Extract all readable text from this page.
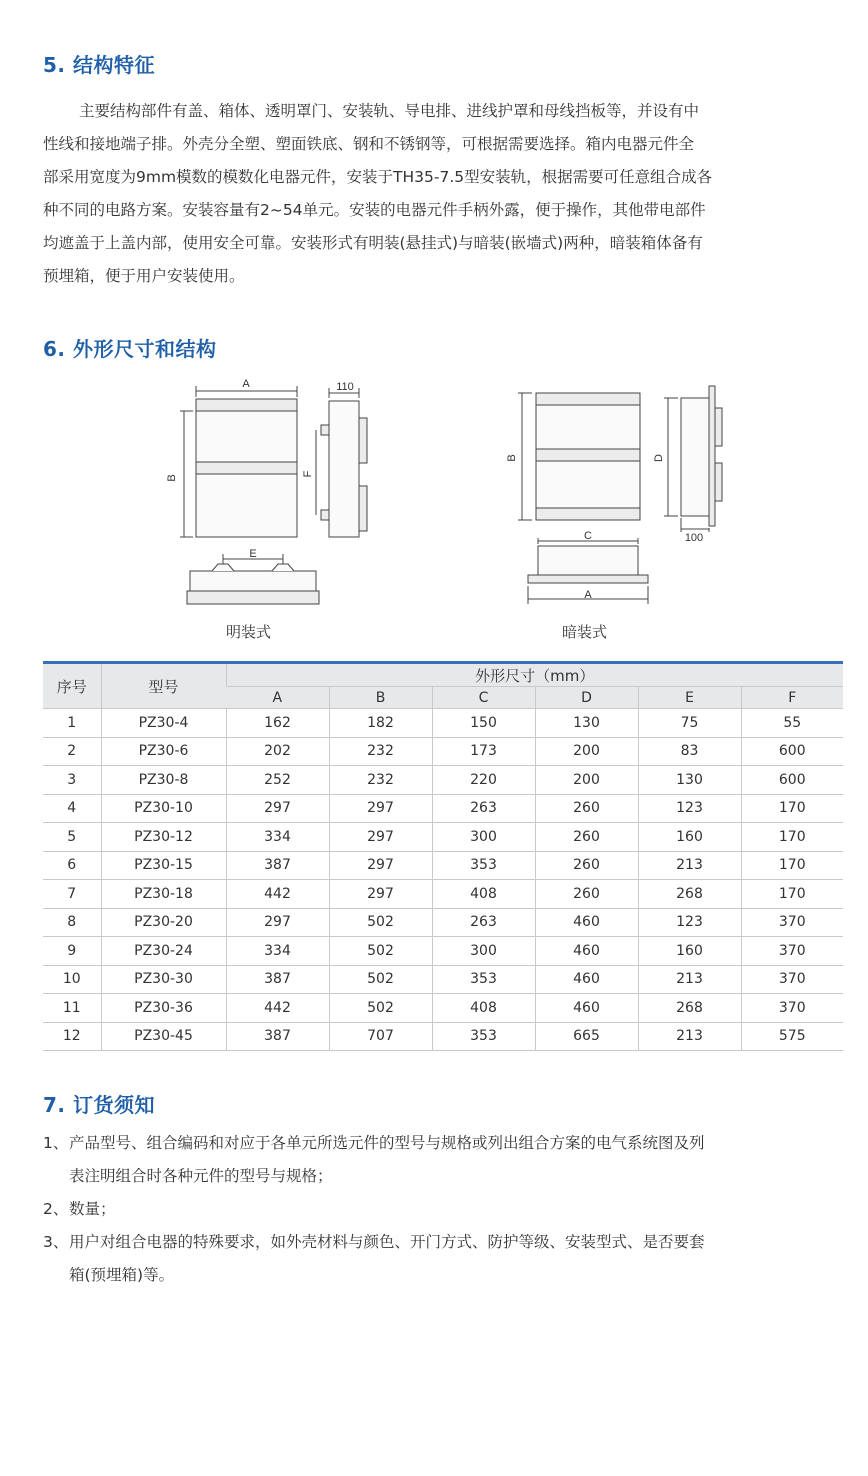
5. 结构特征
主要结构部件有盖、箱体、透明罩门、安装轨、导电排、进线护罩和母线挡板等，并设有中
性线和接地端子排。外壳分全塑、塑面铁底、钢和不锈钢等，可根据需要选择。箱内电器元件全
部采用宽度为9mm模数的模数化电器元件，安装于TH35-7.5型安装轨，根据需要可任意组合成各
种不同的电路方案。安装容量有2~54单元。安装的电器元件手柄外露，便于操作，其他带电部件
均遮盖于上盖内部，使用安全可靠。安装形式有明装(悬挂式)与暗装(嵌墙式)两种，暗装箱体备有
预埋箱，便于用户安装使用。
6. 外形尺寸和结构
A
B
110
F
E
B	D
100
C
A
明装式	暗装式
序号	型号	外形尺寸（mm）					
		A	B	C	D	E	F
1	PZ30-4	162	182	150	130	75	55
2	PZ30-6	202	232	173	200	83	600
3	PZ30-8	252	232	220	200	130	600
4	PZ30-10	297	297	263	260	123	170
5	PZ30-12	334	297	300	260	160	170
6	PZ30-15	387	297	353	260	213	170
7	PZ30-18	442	297	408	260	268	170
8	PZ30-20	297	502	263	460	123	370
9	PZ30-24	334	502	300	460	160	370
10	PZ30-30	387	502	353	460	213	370
11	PZ30-36	442	502	408	460	268	370
12	PZ30-45	387	707	353	665	213	575
7. 订货须知
1、产品型号、组合编码和对应于各单元所选元件的型号与规格或列出组合方案的电气系统图及列
表注明组合时各种元件的型号与规格；
2、数量；
3、用户对组合电器的特殊要求，如外壳材料与颜色、开门方式、防护等级、安装型式、是否要套
箱(预埋箱)等。
